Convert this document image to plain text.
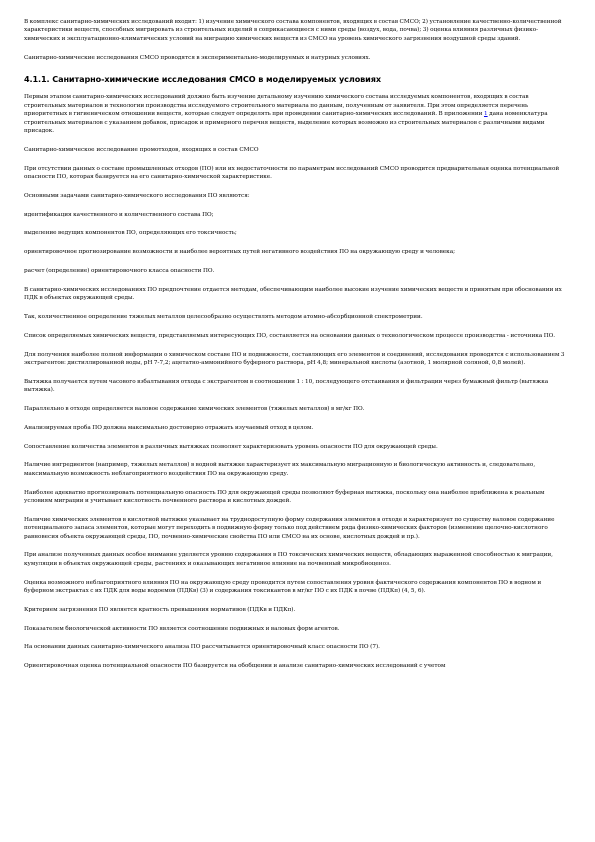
В комплекс санитарно-химических исследований входит: 1) изучение химического состава компонентов, входящих в состав СМСО; 2) установление качественно-количественной характеристики веществ, способных мигрировать из строительных изделий в соприкасающиеся с ними среды (воздух, вода, почва); 3) оценка влияния различных физико-химических и эксплуатационно-климатических условий на миграцию химических веществ из СМСО на уровень химического загрязнения воздушной среды зданий.

Санитарно-химические исследования СМСО проводятся в экспериментально-моделируемых и натурных условиях.

4.1.1. Санитарно-химические исследования СМСО в моделируемых условиях

Первым этапом санитарно-химических исследований должно быть изучение детальному изучению химического состава исследуемых компонентов, входящих в состав строительных материалов и технологии производства исследуемого строительного материала по данным, полученным от заявителя. При этом определяется перечень приоритетных в гигиеническом отношении веществ, которые следует определять при проведении санитарно-химических исследований. В приложении 1 дана номенклатура строительных материалов с указанием добавок, присадок и примерного перечня веществ, выделение которых возможно из строительных материалов с различными видами присадок.

Санитарно-химическое исследование промотходов, входящих в состав СМСО

При отсутствии данных о составе промышленных отходов (ПО) или их недостаточности по параметрам исследований СМСО проводится предварительная оценка потенциальной опасности ПО, которая базируется на его санитарно-химической характеристике.

Основными задачами санитарно-химического исследования ПО являются:

идентификация качественного и количественного состава ПО;

выделение ведущих компонентов ПО, определяющих его токсичность;

ориентировочное прогнозирование возможности и наиболее вероятных путей негативного воздействия ПО на окружающую среду и человека;

расчет (определение) ориентировочного класса опасности ПО.

В санитарно-химических исследованиях ПО предпочтение отдается методам, обеспечивающим наиболее высокие изучение химических веществ и принятым при обосновании их ПДК в объектах окружающей среды.

Так, количественное определение тяжелых металлов целесообразно осуществлять методом атомно-абсорбционной спектрометрии.

Список определяемых химических веществ, представляемых интересующих ПО, составляется на основании данных о технологическом процессе производства - источника ПО.

Для получения наиболее полной информации о химическом составе ПО и подвижности, составляющих его элементов и соединений, исследования проводятся с использованием 3 экстрагентов: дистиллированной воды, pH 7-7,2; ацетатно-аммонийного буферного раствора, pH 4,8; минеральной кислоты (азотной, 1 молярной соляной, 0,8 молей).

Вытяжка получается путем часового взбалтывания отхода с экстрагентом в соотношении 1 : 10, последующего отстаивания и фильтрации через бумажный фильтр (вытяжка вытяжка).

Параллельно в отходе определяется валовое содержание химических элементов (тяжелых металлов) в мг/кг ПО.

Анализируемая проба ПО должна максимально достоверно отражать изучаемый отход в целом.

Сопоставление количества элементов в различных вытяжках позволяет характеризовать уровень опасности ПО для окружающей среды.

Наличие ингредиентов (например, тяжелых металлов) в водной вытяжке характеризует их максимальную миграционную и биологическую активность и, следовательно, максимальную возможность неблагоприятного воздействия ПО на окружающую среду.

Наиболее адекватно прогнозировать потенциальную опасность ПО для окружающей среды позволяют буферная вытяжка, поскольку она наиболее приближена к реальным условиям миграции и учитывает кислотность почвенного раствора и кислотных дождей.

Наличие химических элементов в кислотной вытяжке указывает на труднодоступную форму содержания элементов в отходе и характеризует по существу валовое содержание потенциального запаса элементов, которые могут переходить в подвижную форму только под действием ряда физико-химических факторов (изменение щелочно-кислотного равновесия объекта окружающей среды, ПО, почвенно-химические свойства ПО или СМСО на их основе, кислотных дождей и пр.).

При анализе полученных данных особое внимание уделяется уровню содержания в ПО токсических химических веществ, обладающих выраженной способностью к миграции, кумуляции в объектах окружающей среды, растениях и оказывающих негативное влияние на почвенный микробиоценоз.

Оценка возможного неблагоприятного влияния ПО на окружающую среду проводится путем сопоставления уровня фактического содержания компонентов ПО в водном и буферном экстрактах с их ПДК для воды водоемов (ПДКв) (3) и содержания токсикантов в мг/кг ПО с их ПДК в почве (ПДКп) (4, 5, 6).

Критерием загрязнения ПО является кратность превышения нормативов (ПДКв и ПДКп).

Показателем биологической активности ПО является соотношение подвижных и валовых форм агентов.

На основании данных санитарно-химического анализа ПО рассчитывается ориентировочный класс опасности ПО (7).

Ориентировочная оценка потенциальной опасности ПО базируется на обобщении и анализе санитарно-химических исследований с учетом
